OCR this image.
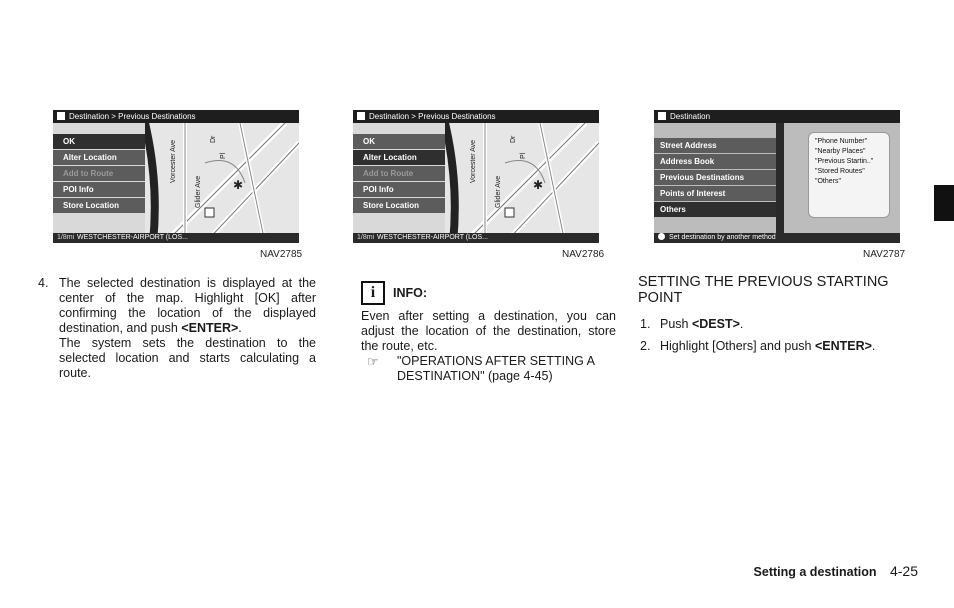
Destination > Previous Destinations
OK
Alter Location
Add to Route
POI Info
Store Location
Vorcester Ave
Glider Ave
Dr
Pl
✱
1/8mi WESTCHESTER-AIRPORT (LOS...
NAV2785
Destination > Previous Destinations
OK
Alter Location
Add to Route
POI Info
Store Location
Vorcester Ave
Glider Ave
Dr
Pl
✱
1/8mi WESTCHESTER-AIRPORT (LOS...
NAV2786
Destination
Street Address
Address Book
Previous Destinations
Points of Interest
Others
"Phone Number"
"Nearby Places"
"Previous Startin.."
"Stored Routes"
"Others"
Set destination by another method
NAV2787
4. The selected destination is displayed at the center of the map. Highlight [OK] after confirming the location of the displayed destination, and push <ENTER>.
The system sets the destination to the selected location and starts calculating a route.
i	INFO:
Even after setting a destination, you can adjust the location of the destination, store the route, etc.
☞	"OPERATIONS AFTER SETTING A DESTINATION" (page 4-45)
SETTING THE PREVIOUS STARTING POINT
1. Push <DEST>.
2. Highlight [Others] and push <ENTER>.
Setting a destination 4-25
